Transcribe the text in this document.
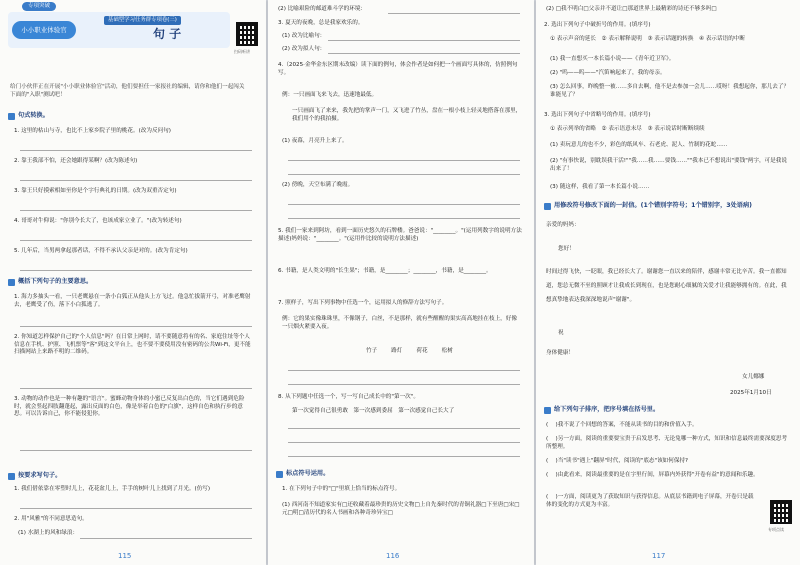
专项突破
小小职业体验官
基础型学习任务群专项卷(三)
句 子
扫码听讲
给门小伙伴正在开展"小小职业体验官"活动，他们要担任一家报社的编辑，请你和他们一起闯关下面的"入职"测试吧！
句式转换。
1. 这里的枯山与寺，也比不上家乡院子里的桃花。(改为反问句)
2. 靠王我部不怕，还会她跟得某啊？(改为陈述句)
3. 靠王只好摸索相如至你是个字行典礼的日期。(改为双重否定句)
4. 哥哥对牛仰说："你别今长大了，也该成家立业了。"(改为转述句)
5. 几年后，当男两拿起那者话，不得不承认父亲是对的。(改为肯定句)
概括下列句子的主要意思。
1. 海力多抽头一看，一只老鹰悬在一条小白狐正从他头上方飞过。他急忙拔箭开弓，对准老鹰射去，老鹰受了伤，落下小白狐逃了。
2. 你知道怎样保护自己的"个人信息"吗？在日常上网时，请不要随意将有的名、家庭住址等个人信息在手机、护照、飞机票等"客"到这文平台上，也不要不要使用没有密码的公共Wi-Fi，更不能扫描网站上来路不明的二维码。
3. 动物的动作也是一种有趣的"语言"。蜜蜂动物身体的小蜜已反复出白色的，当它们遇到危险时，就会竖起四肢翻蓬起，露出反面的白色，像是举着白色的"白旗"，这样自色和执行步的意思。可以告诉自己，你不能侵犯你。
按要求写句子。
1. 我们借依靠在零塑时儿上，花花盆儿上，手手的树叶儿上找到了月光。(仿写)
2. 用"风雅"的不同意思造句。
(1) 水湖上的风和绿浪：
115
(2) 比喻艰险的邮道难斗学的环境：
3. 夏天的夜晚，总是我家欢乐的。
(1) 改为比喻句：
(2) 改为拟人句：
4.（2025·金华金东区期末改编）读下面的例句，体会作者是如何把一个画面写具体的，仿照例句写。
例：一只画面飞来飞去，迅速地最低。
一只画面飞了来来，我先把的掌声一门，又飞进了竹丛，盘在一根小枝上轻灵地搭落在那里，我们用个的我拍摄。
(1) 夜幕，月亮升上来了。
(2) 傍晚，天空布满了晚霞。
5. 我们一家来到阿坊，看到一面历史悠久的石牌楼。爸爸说："________。"(运用列数字的说明方法描述)妈妈说："________。"(运用作比较的说明方法描述)
6. 书籍，是人类文明的"长生果"；书籍，是________；________，书籍，是________。
7. 照样子，写出下列事物中任选一个，运用拟人的修辞方法写句子。
例：它的果实像珠珠里，不像钢子，白丝，不是那样，就有些醒醒的果实高高地挂在枝上，好像一只烟火紧要入夜。
竹子	路灯	荷花	松树
8. 从下列题中任选一个，写一写自己成长中的"第一次"。
第一次觉得自己很勇敢　第一次感到委屈　第一次感觉自己长大了
标点符号运用。
1. 在下列句子中的"□"里填上恰当的标点符号。
(1) 西河南不知道家实有□还收藏着最珍贵的历史文物□上自先秦时代的青铜礼器□下至唐□宋□元□明□清历代的名人书画和各种奇珍异宝□
116
(2) □我不明白□父亲并不道让□那道世界上最精彩的诗还不够多吗□
2. 选出下列句子中破折号的作用。(填序号)
① 表示声音的延长　② 表示解释说明　③ 表示话题的转换　④ 表示话语的中断
(1) 我一直想买一本长篇小说——《青年近卫军》。
(2) "呜——呜——"汽笛响起来了，我的母亲。
(3) 怎么回事，昨晚整一被……多自去啊，他不是去参加一会儿……哎呀！我想起你，那儿去了？谁能见了？
3. 选出下列句子中省略号的作用。(填序号)
① 表示列举的省略　② 表示语意未尽　③ 表示说话时断断续续
(1) 卖玩意儿的也不少，彩色的纸风车、石老虎、泥人、竹制的花蛇……
(2) "有事快说，别耽误我干活!""我……我……要钱……""我本已不想说出"要钱"两字，可是我说出来了！
(3) 随这样，我看了第一本长篇小说……
用修改符号修改下面的一封信。(1个错别字符号；1个错别字，3处语病)
亲爱的妈妈：
您好！
时间过得飞快，一眨眼，我已经长大了。谢谢您一直以来的陪伴，感谢丰常无比辛苦。我一直都知道，您总无微不至的照顾才让我成长到现在，也是您耐心细腻的关爱才让我能够拥有的。在此，我想真挚地表达我深深地说声"谢谢"。
祝
身体健康！
女儿娜娜
2025年1月10日
给下列句子排序，把序号填在括号里。
( 　)我不说了个回想的答案，不能从读书的目的和价值入手。
( 　)另一方面，阅读的重要要宝贵于启发思考、无论兔哪一种方式，知识和信息最终需要深度思考所整理。
( 　)当"读书"遇上"翻屏"时代，阅读的"底态"该如何保持?
( 　)由此看来，阅读最重要的是在字里行间，屏幕内外获得"开卷有益"的意闻和乐趣。
( 　)一方面，阅读更为了获取知识与获得信息。从底层书籍到电子屏幕，开卷只是载体的变化的方式更为丰富。
专项点读
117
